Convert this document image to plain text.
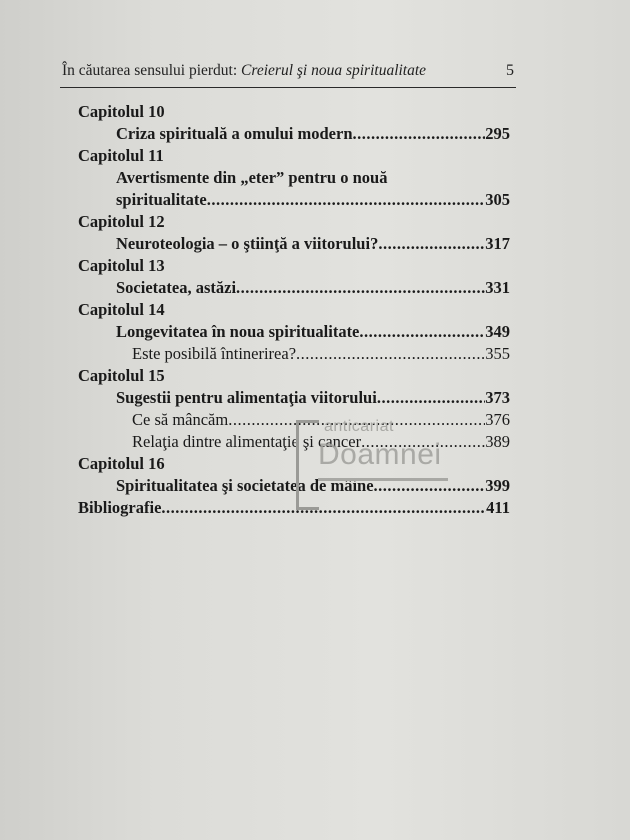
În căutarea sensului pierdut: Creierul şi noua spiritualitate	5
Capitolul 10
Criza spirituală a omului modern .....	295
Capitolul 11
Avertismente din „eter” pentru o nouă
spiritualitate .....	305
Capitolul 12
Neuroteologia – o ştiinţă a viitorului? .....	317
Capitolul 13
Societatea, astăzi .....	331
Capitolul 14
Longevitatea în noua spiritualitate .....	349
Este posibilă întinerirea? .....	355
Capitolul 15
Sugestii pentru alimentaţia viitorului .....	373
Ce să mâncăm .....	376
Relaţia dintre alimentaţie şi cancer .....	389
Capitolul 16
Spiritualitatea şi societatea de mâine .....	399
Bibliografie .....	411
anticariat
Doamnei
